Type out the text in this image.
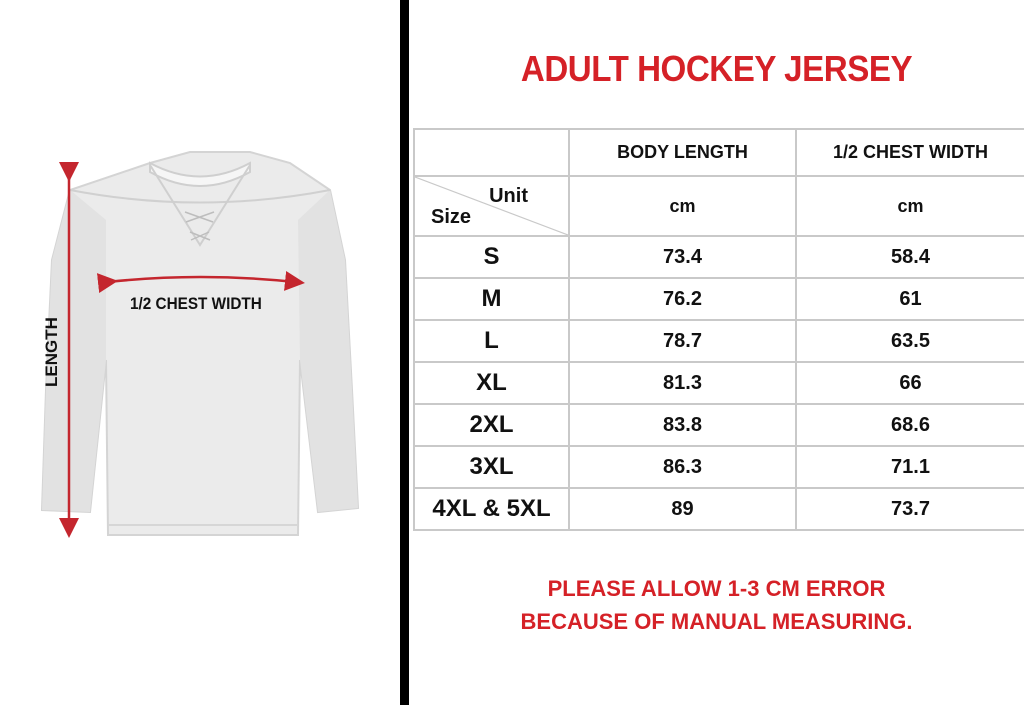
1/2 CHEST WIDTH
LENGTH
ADULT HOCKEY JERSEY
	BODY LENGTH	1/2 CHEST WIDTH

Unit
Size	cm	cm
S	73.4	58.4
M	76.2	61
L	78.7	63.5
XL	81.3	66
2XL	83.8	68.6
3XL	86.3	71.1
4XL & 5XL	89	73.7
PLEASE ALLOW 1-3 CM ERROR
BECAUSE OF MANUAL MEASURING.
